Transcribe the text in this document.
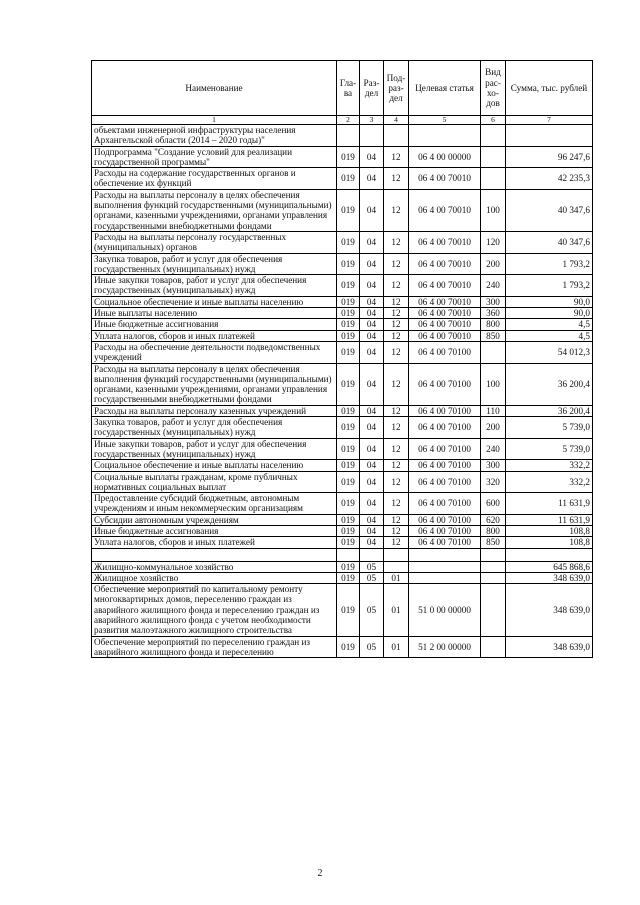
Наименование	Гла-ва	Раз-дел	Под-раз-дел	Целевая статья	Вид рас-хо-дов	Сумма, тыс. рублей
1	2	3	4	5	6	7
объектами инженерной инфраструктуры населения Архангельской области (2014 – 2020 годы)"						
Подпрограмма "Создание условий для реализации государственной программы"	019	04	12	06 4 00 00000		96 247,6
Расходы на содержание государственных органов и обеспечение их функций	019	04	12	06 4 00 70010		42 235,3
Расходы на выплаты персоналу в целях обеспечения выполнения функций государственными (муниципальными) органами, казенными учреждениями, органами управления государственными внебюджетными фондами	019	04	12	06 4 00 70010	100	40 347,6
Расходы на выплаты персоналу государственных (муниципальных) органов	019	04	12	06 4 00 70010	120	40 347,6
Закупка товаров, работ и услуг для обеспечения государственных (муниципальных) нужд	019	04	12	06 4 00 70010	200	1 793,2
Иные закупки товаров, работ и услуг для обеспечения государственных (муниципальных) нужд	019	04	12	06 4 00 70010	240	1 793,2
Социальное обеспечение и иные выплаты населению	019	04	12	06 4 00 70010	300	90,0
Иные выплаты населению	019	04	12	06 4 00 70010	360	90,0
Иные бюджетные ассигнования	019	04	12	06 4 00 70010	800	4,5
Уплата налогов, сборов и иных платежей	019	04	12	06 4 00 70010	850	4,5
Расходы на обеспечение деятельности подведомственных учреждений	019	04	12	06 4 00 70100		54 012,3
Расходы на выплаты персоналу в целях обеспечения выполнения функций государственными (муниципальными) органами, казенными учреждениями, органами управления государственными внебюджетными фондами	019	04	12	06 4 00 70100	100	36 200,4
Расходы на выплаты персоналу казенных учреждений	019	04	12	06 4 00 70100	110	36 200,4
Закупка товаров, работ и услуг для обеспечения государственных (муниципальных) нужд	019	04	12	06 4 00 70100	200	5 739,0
Иные закупки товаров, работ и услуг для обеспечения государственных (муниципальных) нужд	019	04	12	06 4 00 70100	240	5 739,0
Социальное обеспечение и иные выплаты населению	019	04	12	06 4 00 70100	300	332,2
Социальные выплаты гражданам, кроме публичных нормативных социальных выплат	019	04	12	06 4 00 70100	320	332,2
Предоставление субсидий бюджетным, автономным учреждениям и иным некоммерческим организациям	019	04	12	06 4 00 70100	600	11 631,9
Субсидии автономным учреждениям	019	04	12	06 4 00 70100	620	11 631,9
Иные бюджетные ассигнования	019	04	12	06 4 00 70100	800	108,8
Уплата налогов, сборов и иных платежей	019	04	12	06 4 00 70100	850	108,8

Жилищно-коммунальное хозяйство	019	05				645 868,6
Жилищное хозяйство	019	05	01			348 639,0
Обеспечение мероприятий по капитальному ремонту многоквартирных домов, переселению граждан из аварийного жилищного фонда и переселению граждан из аварийного жилищного фонда с учетом необходимости развития малоэтажного жилищного строительства	019	05	01	51 0 00 00000		348 639,0
Обеспечение мероприятий по переселению граждан из аварийного жилищного фонда и переселению	019	05	01	51 2 00 00000		348 639,0
2
